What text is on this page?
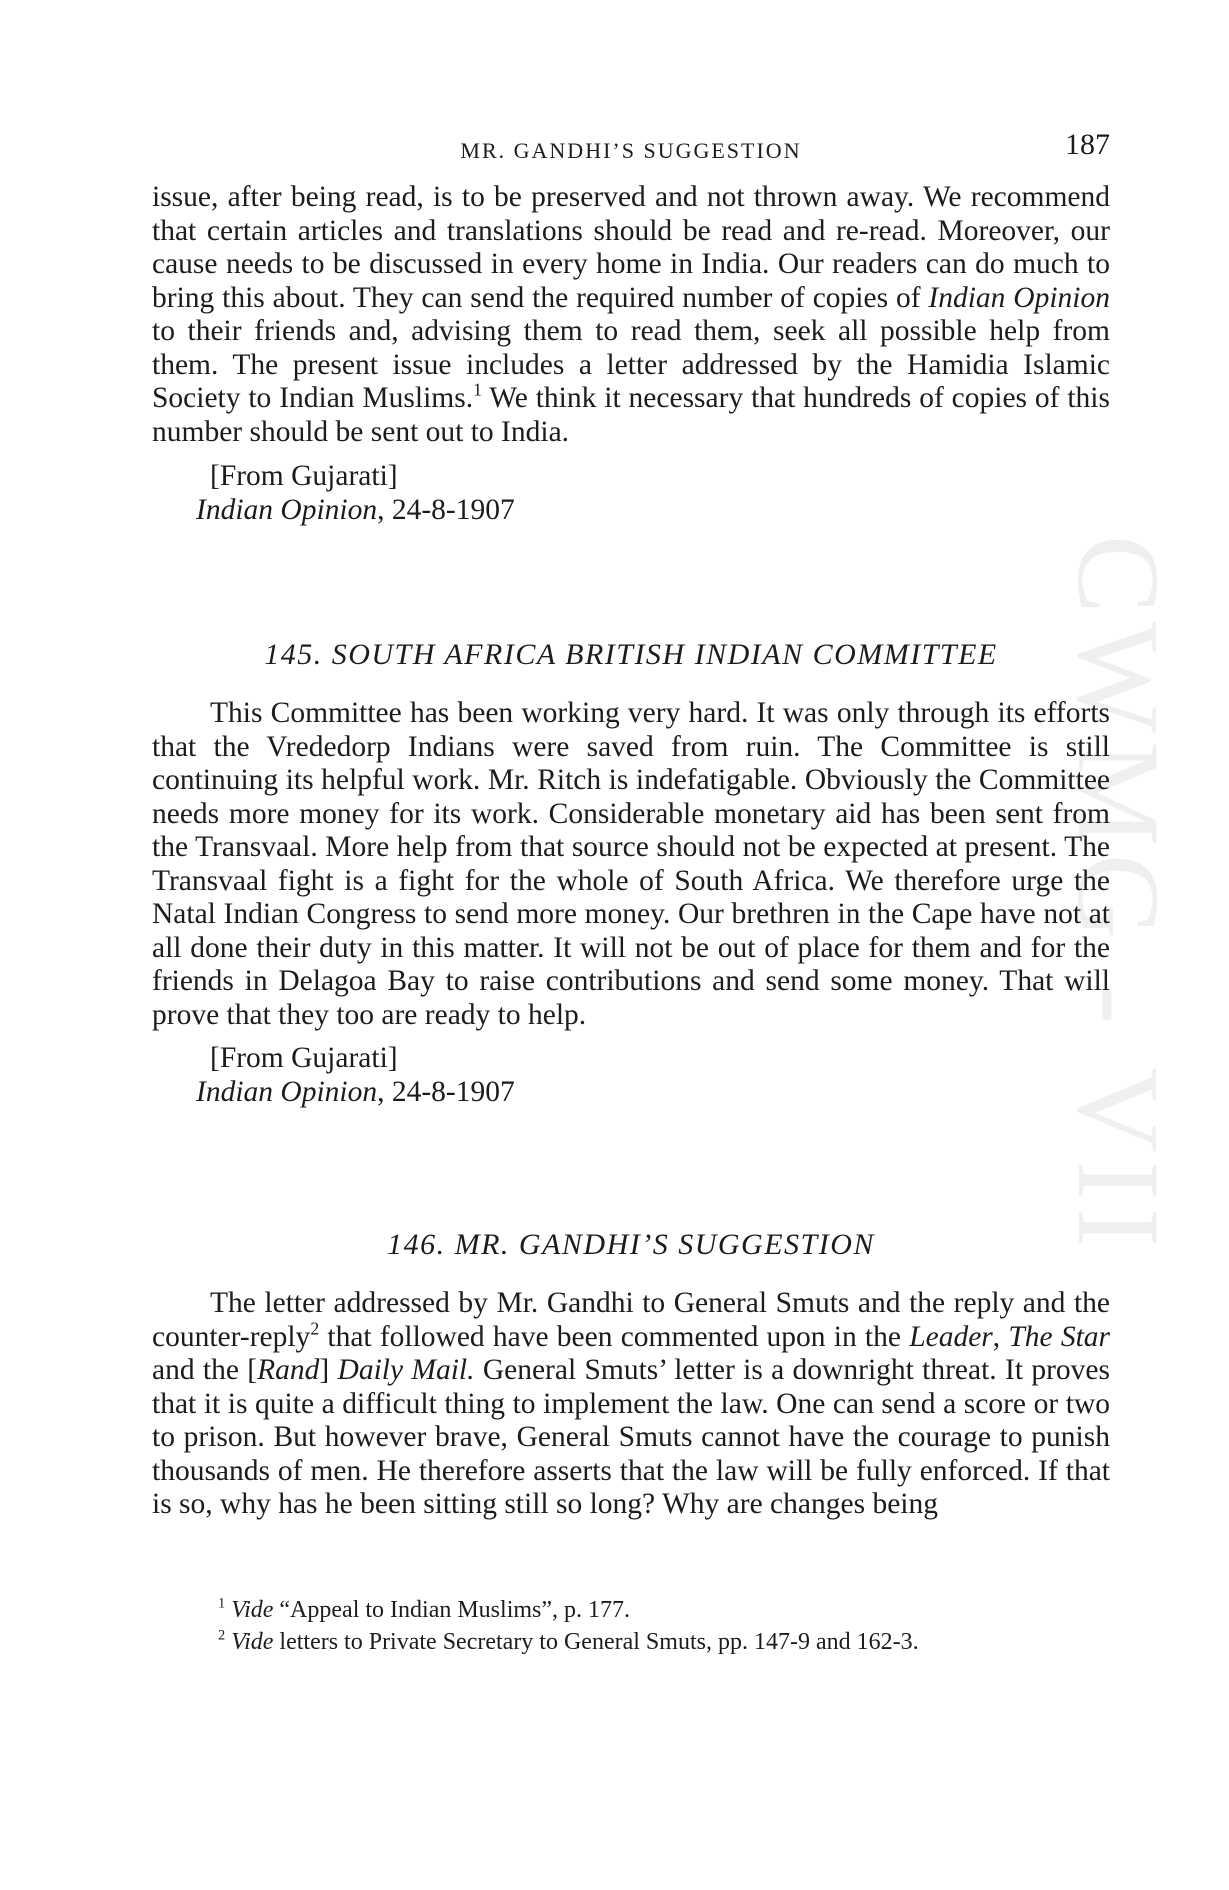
CWMG - VII
MR. GANDHI’S SUGGESTION	187

issue, after being read, is to be preserved and not thrown away. We recommend that certain articles and translations should be read and re-read. Moreover, our cause needs to be discussed in every home in India. Our readers can do much to bring this about. They can send the required number of copies of Indian Opinion to their friends and, advising them to read them, seek all possible help from them. The present issue includes a letter addressed by the Hamidia Islamic Society to Indian Muslims.$^1$ We think it necessary that hundreds of copies of this number should be sent out to India.

[From Gujarati]

Indian Opinion, 24-8-1907

145. SOUTH AFRICA BRITISH INDIAN COMMITTEE

This Committee has been working very hard. It was only through its efforts that the Vrededorp Indians were saved from ruin. The Committee is still continuing its helpful work. Mr. Ritch is indefatigable. Obviously the Committee needs more money for its work. Considerable monetary aid has been sent from the Transvaal. More help from that source should not be expected at present. The Transvaal fight is a fight for the whole of South Africa. We therefore urge the Natal Indian Congress to send more money. Our brethren in the Cape have not at all done their duty in this matter. It will not be out of place for them and for the friends in Delagoa Bay to raise contributions and send some money. That will prove that they too are ready to help.

[From Gujarati]

Indian Opinion, 24-8-1907

146. MR. GANDHI’S SUGGESTION

The letter addressed by Mr. Gandhi to General Smuts and the reply and the counter-reply$^2$ that followed have been commented upon in the Leader, The Star and the [Rand] Daily Mail. General Smuts’ letter is a downright threat. It proves that it is quite a difficult thing to implement the law. One can send a score or two to prison. But however brave, General Smuts cannot have the courage to punish thousands of men. He therefore asserts that the law will be fully enforced. If that is so, why has he been sitting still so long? Why are changes being

$^1$ Vide “Appeal to Indian Muslims”, p. 177.

$^2$ Vide letters to Private Secretary to General Smuts, pp. 147-9 and 162-3.
